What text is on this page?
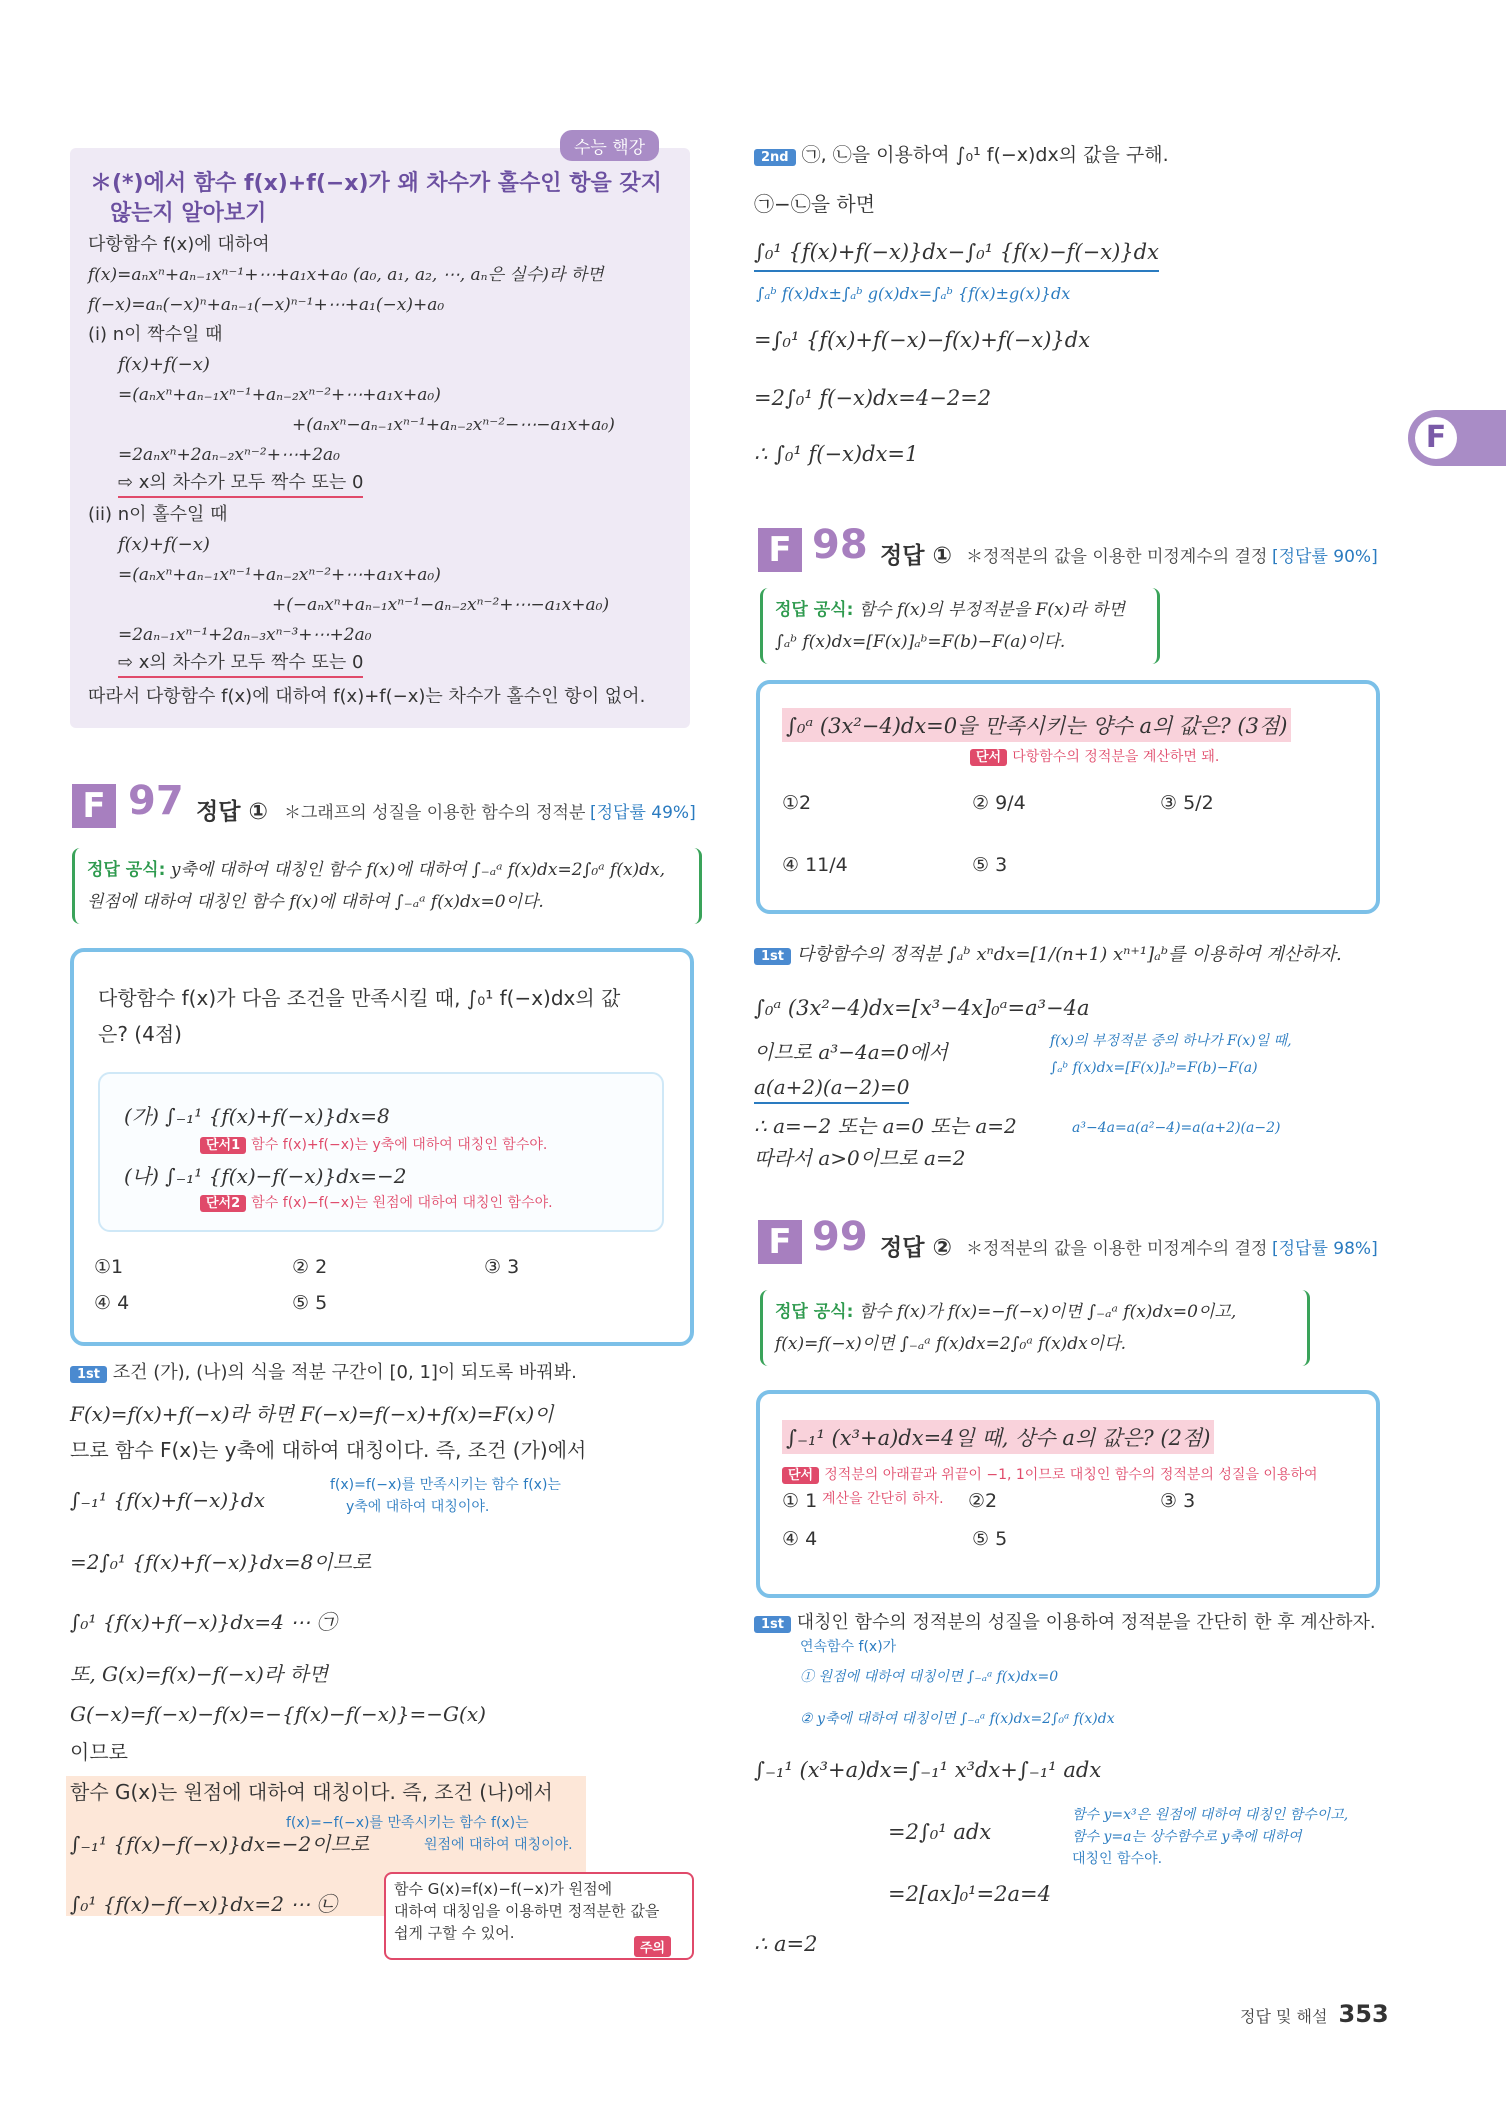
F
수능 핵강
＊(*)에서 함수 f(x)+f(−x)가 왜 차수가 홀수인 항을 갖지
않는지 알아보기
다항함수 f(x)에 대하여
f(x)=aₙxⁿ+aₙ₋₁xⁿ⁻¹+⋯+a₁x+a₀ (a₀, a₁, a₂, ⋯, aₙ은 실수)라 하면
f(−x)=aₙ(−x)ⁿ+aₙ₋₁(−x)ⁿ⁻¹+⋯+a₁(−x)+a₀
(i) n이 짝수일 때
f(x)+f(−x)
=(aₙxⁿ+aₙ₋₁xⁿ⁻¹+aₙ₋₂xⁿ⁻²+⋯+a₁x+a₀)
+(aₙxⁿ−aₙ₋₁xⁿ⁻¹+aₙ₋₂xⁿ⁻²−⋯−a₁x+a₀)
=2aₙxⁿ+2aₙ₋₂xⁿ⁻²+⋯+2a₀
⇨ x의 차수가 모두 짝수 또는 0
(ii) n이 홀수일 때
f(x)+f(−x)
=(aₙxⁿ+aₙ₋₁xⁿ⁻¹+aₙ₋₂xⁿ⁻²+⋯+a₁x+a₀)
+(−aₙxⁿ+aₙ₋₁xⁿ⁻¹−aₙ₋₂xⁿ⁻²+⋯−a₁x+a₀)
=2aₙ₋₁xⁿ⁻¹+2aₙ₋₃xⁿ⁻³+⋯+2a₀
⇨ x의 차수가 모두 짝수 또는 0
따라서 다항함수 f(x)에 대하여 f(x)+f(−x)는 차수가 홀수인 항이 없어.
F 97 정답 ① ＊그래프의 성질을 이용한 함수의 정적분 [정답률 49%]
정답 공식: y축에 대하여 대칭인 함수 f(x)에 대하여 ∫₋ₐᵃ f(x)dx=2∫₀ᵃ f(x)dx,
원점에 대하여 대칭인 함수 f(x)에 대하여 ∫₋ₐᵃ f(x)dx=0이다.
다항함수 f(x)가 다음 조건을 만족시킬 때, ∫₀¹ f(−x)dx의 값
은? (4점)
(가) ∫₋₁¹ {f(x)+f(−x)}dx=8
단서1 함수 f(x)+f(−x)는 y축에 대하여 대칭인 함수야.
(나) ∫₋₁¹ {f(x)−f(−x)}dx=−2
단서2 함수 f(x)−f(−x)는 원점에 대하여 대칭인 함수야.
①1	② 2	③ 3
④ 4	⑤ 5
1st 조건 (가), (나)의 식을 적분 구간이 [0, 1]이 되도록 바꿔봐.
F(x)=f(x)+f(−x)라 하면 F(−x)=f(−x)+f(x)=F(x)이
므로 함수 F(x)는 y축에 대하여 대칭이다. 즉, 조건 (가)에서
∫₋₁¹ {f(x)+f(−x)}dx
f(x)=f(−x)를 만족시키는 함수 f(x)는
y축에 대하여 대칭이야.
=2∫₀¹ {f(x)+f(−x)}dx=8이므로
∫₀¹ {f(x)+f(−x)}dx=4 ⋯ ㉠
또, G(x)=f(x)−f(−x)라 하면
G(−x)=f(−x)−f(x)=−{f(x)−f(−x)}=−G(x)
이므로
함수 G(x)는 원점에 대하여 대칭이다. 즉, 조건 (나)에서
∫₋₁¹ {f(x)−f(−x)}dx=−2이므로
f(x)=−f(−x)를 만족시키는 함수 f(x)는
원점에 대하여 대칭이야.
∫₀¹ {f(x)−f(−x)}dx=2 ⋯ ㉡
함수 G(x)=f(x)−f(−x)가 원점에
대하여 대칭임을 이용하면 정적분한 값을
쉽게 구할 수 있어.
주의
2nd ㉠, ㉡을 이용하여 ∫₀¹ f(−x)dx의 값을 구해.
㉠−㉡을 하면
∫₀¹ {f(x)+f(−x)}dx−∫₀¹ {f(x)−f(−x)}dx
∫ₐᵇ f(x)dx±∫ₐᵇ g(x)dx=∫ₐᵇ {f(x)±g(x)}dx
=∫₀¹ {f(x)+f(−x)−f(x)+f(−x)}dx
=2∫₀¹ f(−x)dx=4−2=2
∴ ∫₀¹ f(−x)dx=1
F 98 정답 ① ＊정적분의 값을 이용한 미정계수의 결정 [정답률 90%]
정답 공식: 함수 f(x)의 부정적분을 F(x)라 하면
∫ₐᵇ f(x)dx=[F(x)]ₐᵇ=F(b)−F(a)이다.
∫₀ᵃ (3x²−4)dx=0을 만족시키는 양수 a의 값은? (3점)
단서 다항함수의 정적분을 계산하면 돼.
①2	② 9/4	③ 5/2
④ 11/4	⑤ 3
1st 다항함수의 정적분 ∫ₐᵇ xⁿdx=[1/(n+1) xⁿ⁺¹]ₐᵇ를 이용하여 계산하자.
∫₀ᵃ (3x²−4)dx=[x³−4x]₀ᵃ=a³−4a
이므로 a³−4a=0에서	f(x)의 부정적분 중의 하나가 F(x)일 때,
∫ₐᵇ f(x)dx=[F(x)]ₐᵇ=F(b)−F(a)
a(a+2)(a−2)=0
∴ a=−2 또는 a=0 또는 a=2	a³−4a=a(a²−4)=a(a+2)(a−2)
따라서 a>0이므로 a=2
F 99 정답 ② ＊정적분의 값을 이용한 미정계수의 결정 [정답률 98%]
정답 공식: 함수 f(x)가 f(x)=−f(−x)이면 ∫₋ₐᵃ f(x)dx=0이고,
f(x)=f(−x)이면 ∫₋ₐᵃ f(x)dx=2∫₀ᵃ f(x)dx이다.
∫₋₁¹ (x³+a)dx=4일 때, 상수 a의 값은? (2점)
단서 정적분의 아래끝과 위끝이 −1, 1이므로 대칭인 함수의 정적분의 성질을 이용하여
계산을 간단히 하자.
① 1	②2	③ 3
④ 4	⑤ 5
1st 대칭인 함수의 정적분의 성질을 이용하여 정적분을 간단히 한 후 계산하자.
연속함수 f(x)가
① 원점에 대하여 대칭이면 ∫₋ₐᵃ f(x)dx=0
② y축에 대하여 대칭이면 ∫₋ₐᵃ f(x)dx=2∫₀ᵃ f(x)dx
∫₋₁¹ (x³+a)dx=∫₋₁¹ x³dx+∫₋₁¹ adx
=2∫₀¹ adx
함수 y=x³은 원점에 대하여 대칭인 함수이고,
함수 y=a는 상수함수로 y축에 대하여
대칭인 함수야.
=2[ax]₀¹=2a=4
∴ a=2
정답 및 해설 353
